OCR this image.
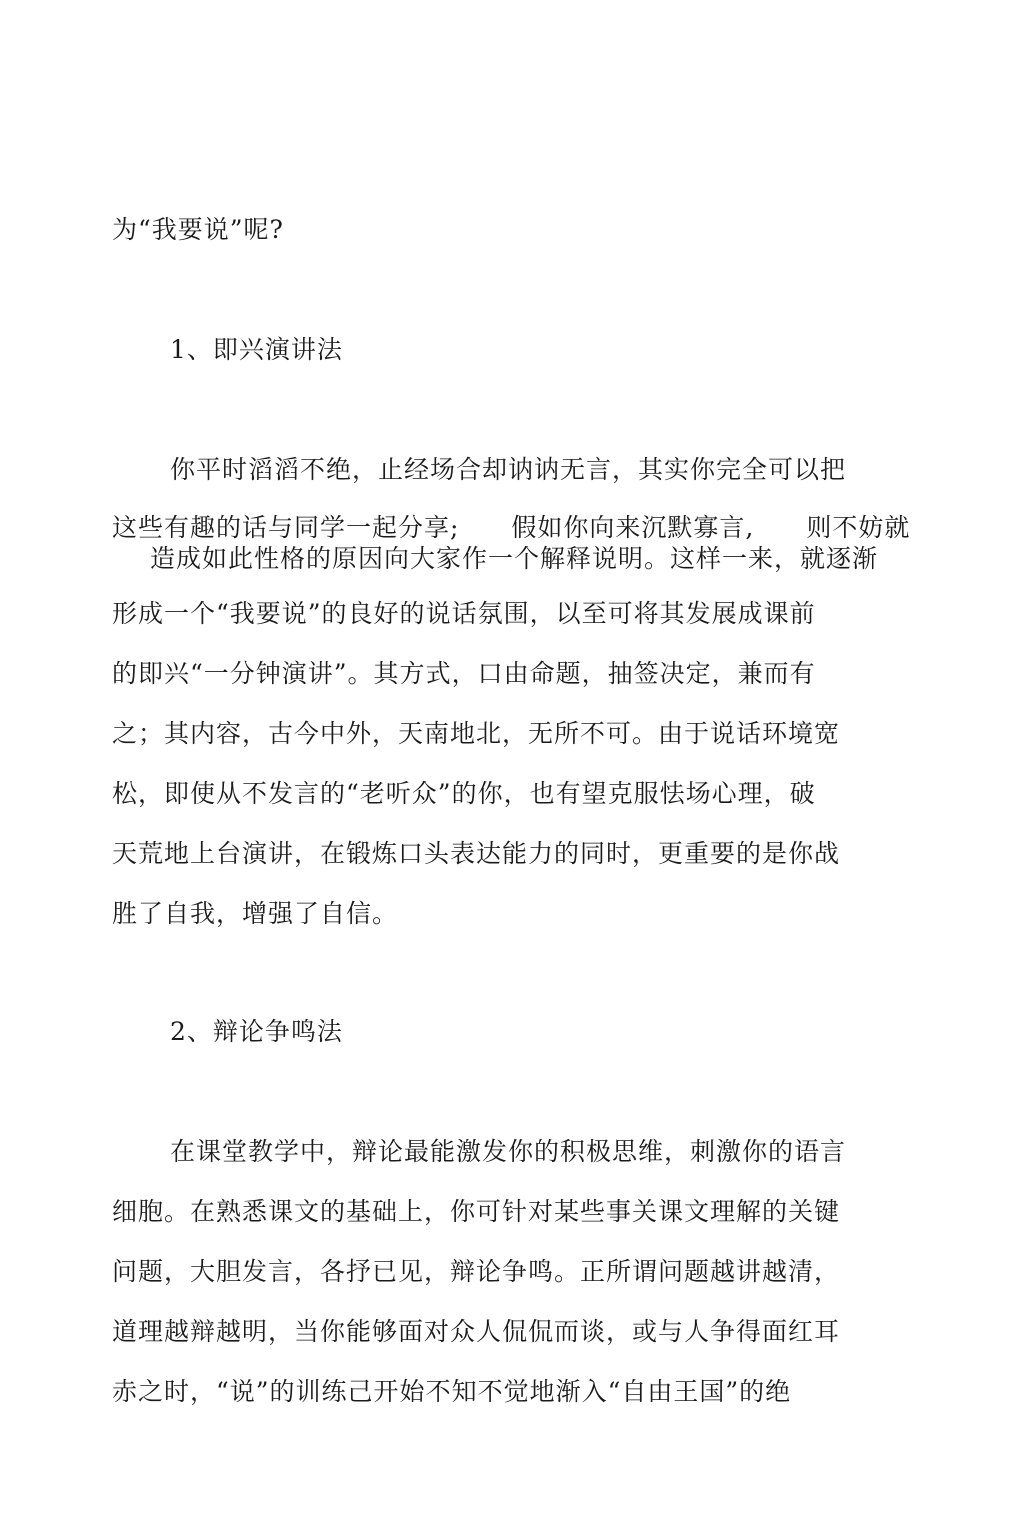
为“我要说”呢?
1、即兴演讲法
你平时滔滔不绝，止经场合却讷讷无言，其实你完全可以把
这些有趣的话与同学一起分享;　　假如你向来沉默寡言,　　则不妨就
造成如此性格的原因向大家作一个解释说明。这样一来，就逐渐
形成一个“我要说”的良好的说话氛围，以至可将其发展成课前
的即兴“一分钟演讲”。其方式，口由命题，抽签决定，兼而有
之；其内容，古今中外，天南地北，无所不可。由于说话环境宽
松，即使从不发言的“老听众”的你，也有望克服怯场心理，破
天荒地上台演讲，在锻炼口头表达能力的同时，更重要的是你战
胜了自我，增强了自信。
2、辩论争鸣法
在课堂教学中，辩论最能激发你的积极思维，刺激你的语言
细胞。在熟悉课文的基础上，你可针对某些事关课文理解的关键
问题，大胆发言，各抒已见，辩论争鸣。正所谓问题越讲越清，
道理越辩越明，当你能够面对众人侃侃而谈，或与人争得面红耳
赤之时，“说”的训练己开始不知不觉地渐入“自由王国”的绝
